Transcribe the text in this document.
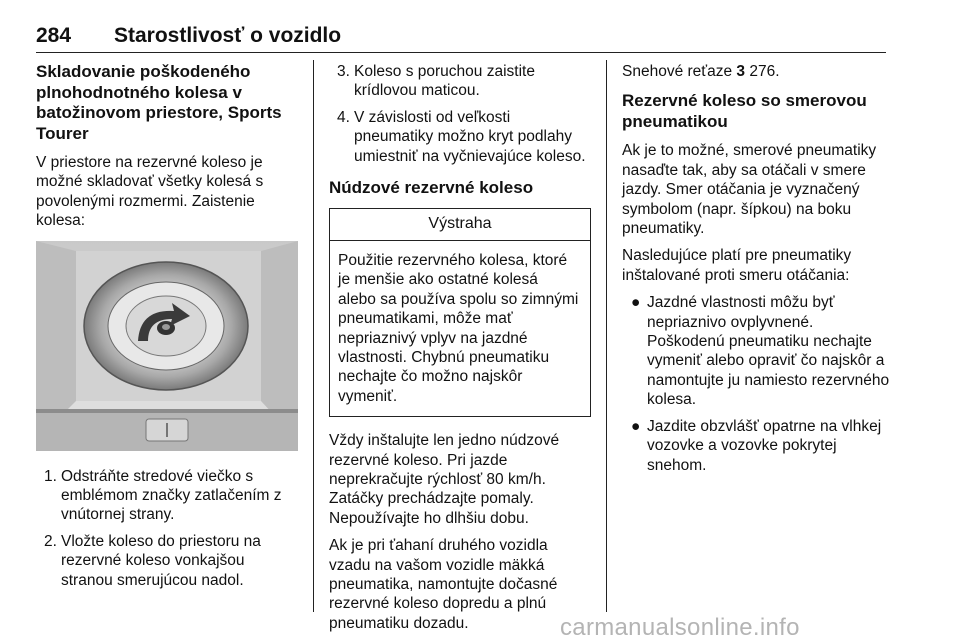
284 Starostlivosť o vozidlo
Skladovanie poškodeného plnohodnotného kolesa v batožinovom priestore, Sports Tourer

V priestore na rezervné koleso je možné skladovať všetky kolesá s povolenými rozmermi. Zaistenie kolesa:

1. Odstráňte stredové viečko s emblémom značky zatlačením z vnútornej strany.
2. Vložte koleso do priestoru na rezervné koleso vonkajšou stranou smerujúcou nadol.
3. Koleso s poruchou zaistite krídlovou maticou.
4. V závislosti od veľkosti pneumatiky možno kryt podlahy umiestniť na vyčnievajúce koleso.
Núdzové rezervné koleso
Výstraha
Použitie rezervného kolesa, ktoré je menšie ako ostatné kolesá alebo sa používa spolu so zimnými pneumatikami, môže mať nepriaznivý vplyv na jazdné vlastnosti. Chybnú pneumatiku nechajte čo možno najskôr vymeniť.

Vždy inštalujte len jedno núdzové rezervné koleso. Pri jazde neprekračujte rýchlosť 80 km/h. Zatáčky prechádzajte pomaly. Nepoužívajte ho dlhšiu dobu.

Ak je pri ťahaní druhého vozidla vzadu na vašom vozidle mäkká pneumatika, namontujte dočasné rezervné koleso dopredu a plnú pneumatiku dozadu.

Snehové reťaze 3 276.

Rezervné koleso so smerovou pneumatikou

Ak je to možné, smerové pneumatiky nasaďte tak, aby sa otáčali v smere jazdy. Smer otáčania je vyznačený symbolom (napr. šípkou) na boku pneumatiky.

Nasledujúce platí pre pneumatiky inštalované proti smeru otáčania:

● Jazdné vlastnosti môžu byť nepriaznivo ovplyvnené. Poškodenú pneumatiku nechajte vymeniť alebo opraviť čo najskôr a namontujte ju namiesto rezervného kolesa.
● Jazdite obzvlášť opatrne na vlhkej vozovke a vozovke pokrytej snehom.
carmanualsonline.info
